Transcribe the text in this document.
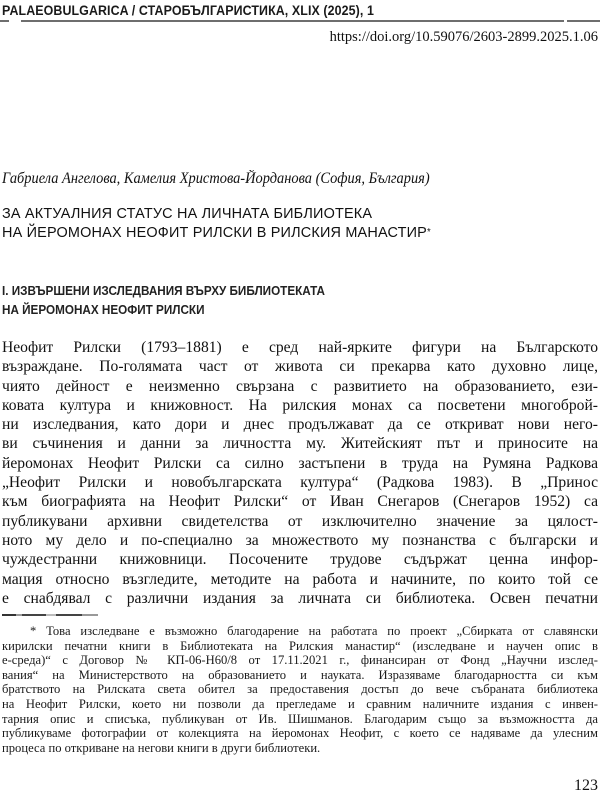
PALAEOBULGARICA / СТАРОБЪЛГАРИСТИКА, XLIX (2025), 1
https://doi.org/10.59076/2603-2899.2025.1.06
Габриела Ангелова, Камелия Христова-Йорданова (София, България)
ЗА АКТУАЛНИЯ СТАТУС НА ЛИЧНАТА БИБЛИОТЕКА
НА ЙЕРОМОНАХ НЕОФИТ РИЛСКИ В РИЛСКИЯ МАНАСТИР*
I. ИЗВЪРШЕНИ ИЗСЛЕДВАНИЯ ВЪРХУ БИБЛИОТЕКАТА
НА ЙЕРОМОНАХ НЕОФИТ РИЛСКИ
Неофит Рилски (1793–1881) е сред най-ярките фигури на Българското
възраждане. По-голямата част от живота си прекарва като духовно лице,
чиято дейност е неизменно свързана с развитието на образованието, ези-
ковата култура и книжовност. На рилския монах са посветени многоброй-
ни изследвания, като дори и днес продължават да се откриват нови него-
ви съчинения и данни за личността му. Житейският път и приносите на
йеромонах Неофит Рилски са силно застъпени в труда на Румяна Радкова
„Неофит Рилски и новобългарската култура“ (Радкова 1983). В „Принос
към биографията на Неофит Рилски“ от Иван Снегаров (Снегаров 1952) са
публикувани архивни свидетелства от изключително значение за цялост-
ното му дело и по-специално за множеството му познанства с български и
чуждестранни книжовници. Посочените трудове съдържат ценна инфор-
мация относно възгледите, методите на работа и начините, по които той се
е снабдявал с различни издания за личната си библиотека. Освен печатни
* Това изследване е възможно благодарение на работата по проект „Сбирката от славянски
кирилски печатни книги в Библиотеката на Рилския манастир“ (изследване и научен опис в
е-среда)“ с Договор № КП-06-Н60/8 от 17.11.2021 г., финансиран от Фонд „Научни изслед-
вания“ на Министерството на образованието и науката. Изразяваме благодарността си към
братството на Рилската света обител за предоставения достъп до вече събраната библиотека
на Неофит Рилски, което ни позволи да прегледаме и сравним наличните издания с инвен-
тарния опис и списъка, публикуван от Ив. Шишманов. Благодарим също за възможността да
публикуваме фотографии от колекцията на йеромонах Неофит, с което се надяваме да улесним
процеса по откриване на негови книги в други библиотеки.
123
